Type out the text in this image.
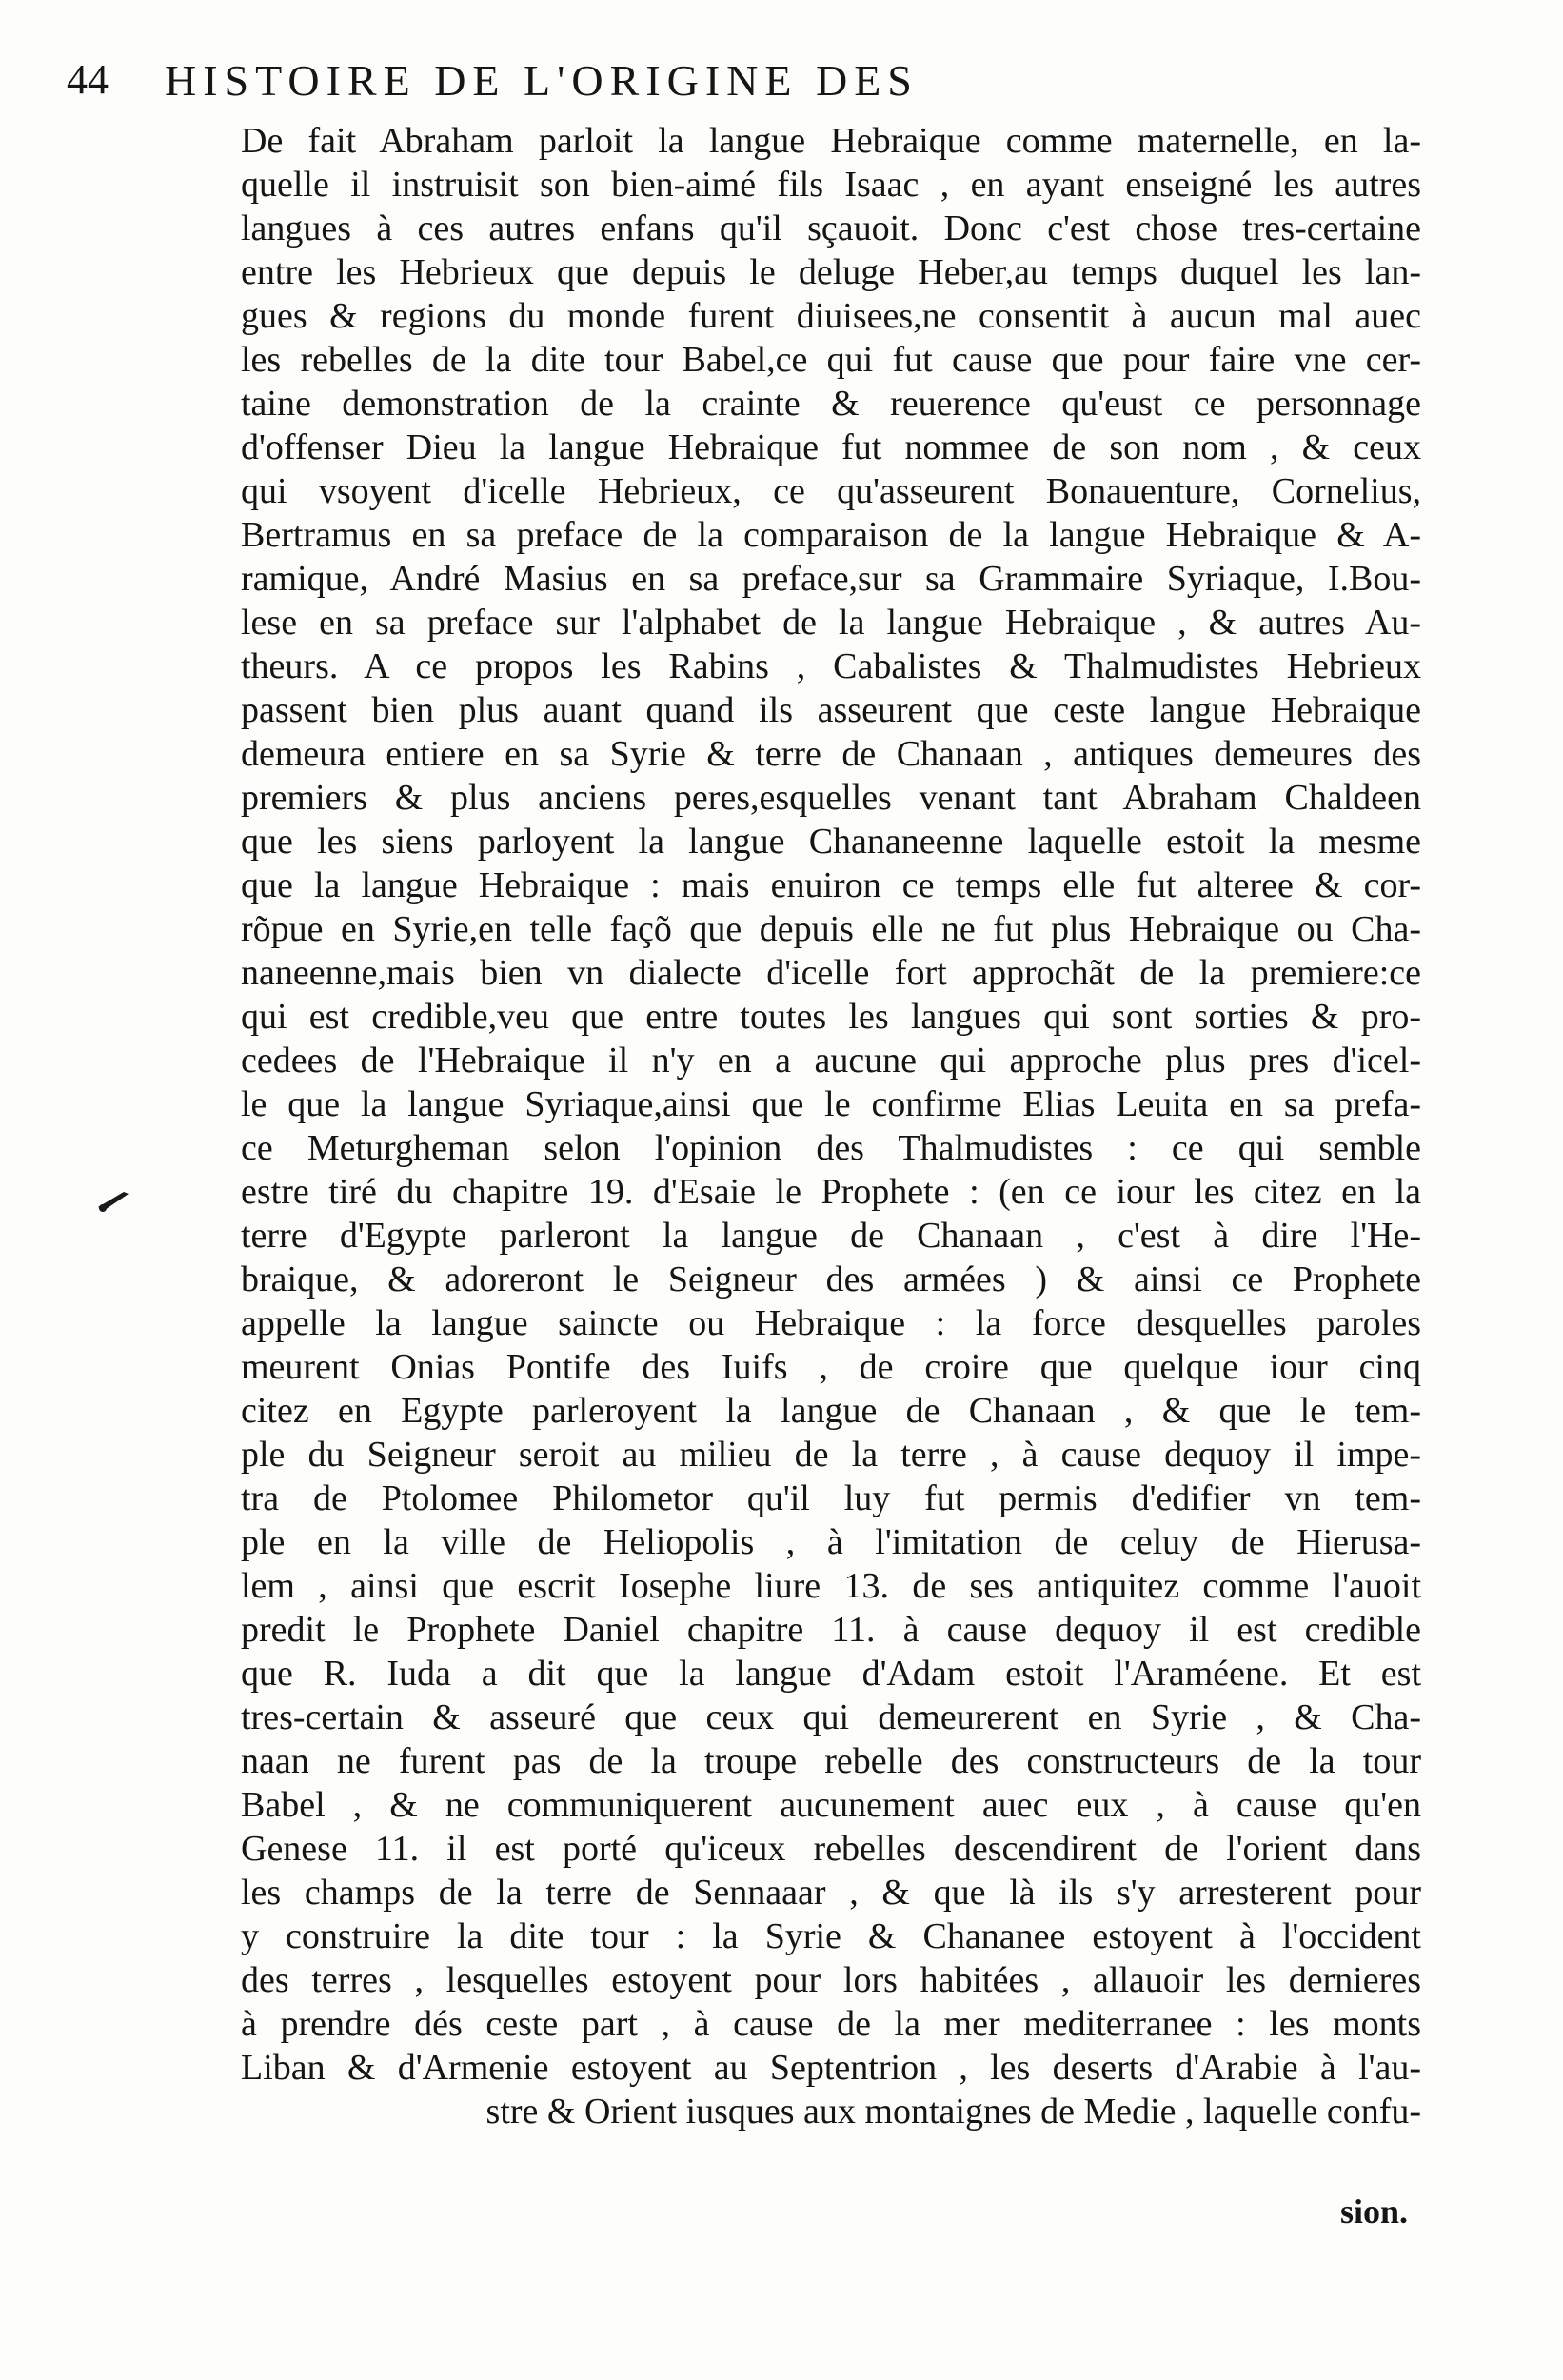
44 HISTOIRE DE L'ORIGINE DES
De fait Abraham parloit la langue Hebraique comme maternelle, en la-
quelle il instruisit son bien-aimé fils Isaac , en ayant enseigné les autres
langues à ces autres enfans qu'il sçauoit. Donc c'est chose tres-certaine
entre les Hebrieux que depuis le deluge Heber,au temps duquel les lan-
gues & regions du monde furent diuisees,ne consentit à aucun mal auec
les rebelles de la dite tour Babel,ce qui fut cause que pour faire vne cer-
taine demonstration de la crainte & reuerence qu'eust ce personnage
d'offenser Dieu la langue Hebraique fut nommee de son nom , & ceux
qui vsoyent d'icelle Hebrieux, ce qu'asseurent Bonauenture, Cornelius,
Bertramus en sa preface de la comparaison de la langue Hebraique & A-
ramique, André Masius en sa preface,sur sa Grammaire Syriaque, I.Bou-
lese en sa preface sur l'alphabet de la langue Hebraique , & autres Au-
theurs. A ce propos les Rabins , Cabalistes & Thalmudistes Hebrieux
passent bien plus auant quand ils asseurent que ceste langue Hebraique
demeura entiere en sa Syrie & terre de Chanaan , antiques demeures des
premiers & plus anciens peres,esquelles venant tant Abraham Chaldeen
que les siens parloyent la langue Chananeenne laquelle estoit la mesme
que la langue Hebraique : mais enuiron ce temps elle fut alteree & cor-
rõpue en Syrie,en telle façõ que depuis elle ne fut plus Hebraique ou Cha-
naneenne,mais bien vn dialecte d'icelle fort approchãt de la premiere:ce
qui est credible,veu que entre toutes les langues qui sont sorties & pro-
cedees de l'Hebraique il n'y en a aucune qui approche plus pres d'icel-
le que la langue Syriaque,ainsi que le confirme Elias Leuita en sa prefa-
ce Meturgheman selon l'opinion des Thalmudistes : ce qui semble
estre tiré du chapitre 19. d'Esaie le Prophete : (en ce iour les citez en la
terre d'Egypte parleront la langue de Chanaan , c'est à dire l'He-
braique, & adoreront le Seigneur des armées ) & ainsi ce Prophete
appelle la langue saincte ou Hebraique : la force desquelles paroles
meurent Onias Pontife des Iuifs , de croire que quelque iour cinq
citez en Egypte parleroyent la langue de Chanaan , & que le tem-
ple du Seigneur seroit au milieu de la terre , à cause dequoy il impe-
tra de Ptolomee Philometor qu'il luy fut permis d'edifier vn tem-
ple en la ville de Heliopolis , à l'imitation de celuy de Hierusa-
lem , ainsi que escrit Iosephe liure 13. de ses antiquitez comme l'auoit
predit le Prophete Daniel chapitre 11. à cause dequoy il est credible
que R. Iuda a dit que la langue d'Adam estoit l'Araméene. Et est
tres-certain & asseuré que ceux qui demeurerent en Syrie , & Cha-
naan ne furent pas de la troupe rebelle des constructeurs de la tour
Babel , & ne communiquerent aucunement auec eux , à cause qu'en
Genese 11. il est porté qu'iceux rebelles descendirent de l'orient dans
les champs de la terre de Sennaaar , & que là ils s'y arresterent pour
y construire la dite tour : la Syrie & Chananee estoyent à l'occident
des terres , lesquelles estoyent pour lors habitées , allauoir les dernieres
à prendre dés ceste part , à cause de la mer mediterranee : les monts
Liban & d'Armenie estoyent au Septentrion , les deserts d'Arabie à l'au-
stre & Orient iusques aux montaignes de Medie , laquelle confu-
sion.
